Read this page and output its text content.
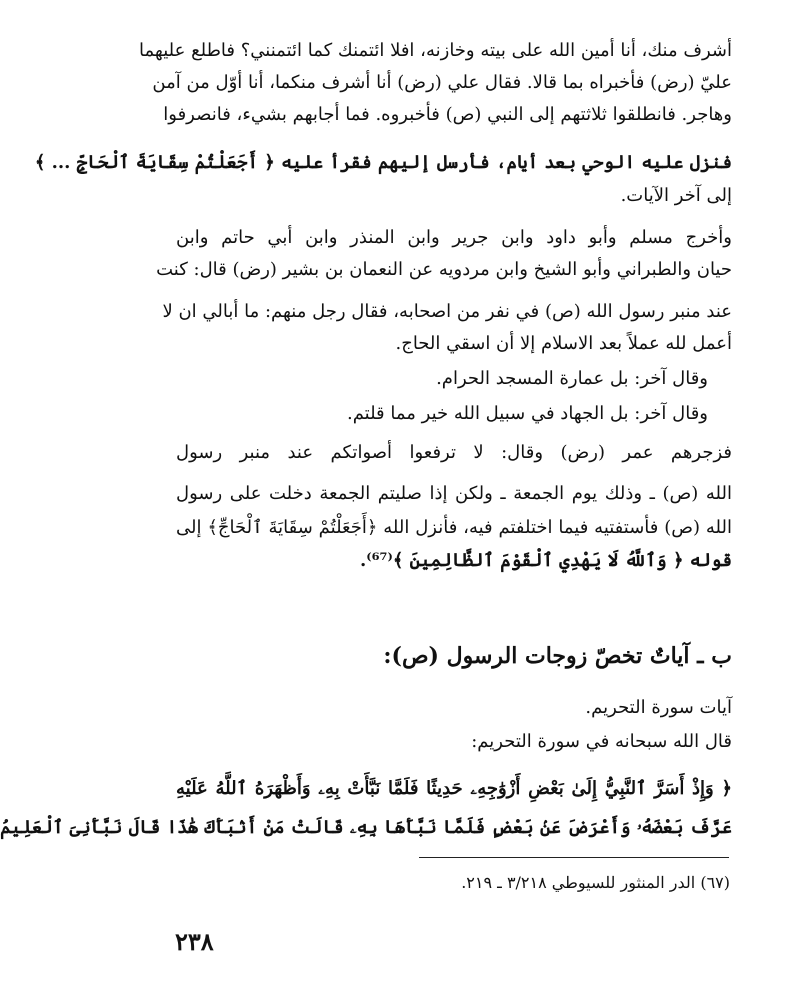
أشرف منك، أنا أمين الله على بيته وخازنه، افلا ائتمنك كما ائتمنني؟ فاطلع عليهما
عليّ (رض) فأخبراه بما قالا. فقال علي (رض) أنا أشرف منكما، أنا أوّل من آمن
وهاجر. فانطلقوا ثلاثتهم إلى النبي (ص) فأخبروه. فما أجابهم بشيء، فانصرفوا
فنزل عليه الوحي بعد أيام، فأرسل إليهم فقرأ عليه ﴿ أَجَعَلْتُمْ سِقَايَةَ ٱلْحَاجِّ ... ﴾
إلى آخر الآيات.
وأخرج مسلم وأبو داود وابن جرير وابن المنذر وابن أبي حاتم وابن
حيان والطبراني وأبو الشيخ وابن مردويه عن النعمان بن بشير (رض) قال: كنت
عند منبر رسول الله (ص) في نفر من اصحابه، فقال رجل منهم: ما أبالي ان لا
أعمل لله عملاً بعد الاسلام إلا أن اسقي الحاج.
وقال آخر: بل عمارة المسجد الحرام.
وقال آخر: بل الجهاد في سبيل الله خير مما قلتم.
فزجرهم عمر (رض) وقال: لا ترفعوا أصواتكم عند منبر رسول
الله (ص) ـ وذلك يوم الجمعة ـ ولكن إذا صليتم الجمعة دخلت على رسول
الله (ص) فأستفتيه فيما اختلفتم فيه، فأنزل الله ﴿أَجَعَلْتُمْ سِقَايَةَ ٱلْحَاجِّ﴾ إلى
قوله ﴿ وَٱللَّهُ لَا يَهْدِي ٱلْقَوْمَ ٱلظَّالِمِينَ ﴾⁽⁶⁷⁾.
ب ـ آياتٌ تخصّ زوجات الرسول (ص):
آيات سورة التحريم.
قال الله سبحانه في سورة التحريم:
﴿ وَإِذْ أَسَرَّ ٱلنَّبِيُّ إِلَىٰ بَعْضِ أَزْوَٰجِهِۦ حَدِيثًا فَلَمَّا نَبَّأَتْ بِهِۦ وَأَظْهَرَهُ ٱللَّهُ عَلَيْهِ
عَرَّفَ بَعْضَهُۥ وَأَعْرَضَ عَنۢ بَعْضٍ فَلَمَّا نَبَّأَهَا بِهِۦ قَالَتْ مَنْ أَنۢبَأَكَ هَٰذَا قَالَ نَبَّأَنِىَ ٱلْعَلِيمُ
(٦٧) الدر المنثور للسيوطي ٣/٢١٨ ـ ٢١٩.
٢٣٨
